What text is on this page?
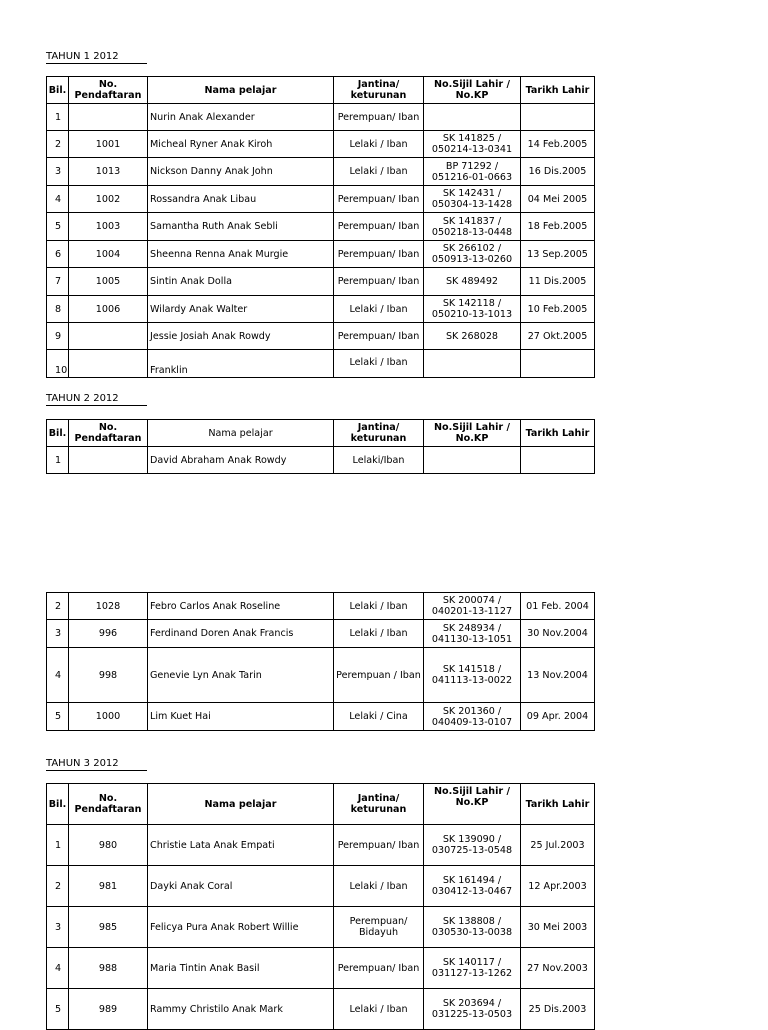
TAHUN 1 2012
Bil.	No. Pendaftaran	Nama pelajar	Jantina/ keturunan	No.Sijil Lahir / No.KP	Tarikh Lahir
1		Nurin Anak Alexander	Perempuan/ Iban		
2	1001	Micheal Ryner Anak Kiroh	Lelaki / Iban	SK 141825 / 050214-13-0341	14 Feb.2005
3	1013	Nickson Danny Anak John	Lelaki / Iban	BP 71292 / 051216-01-0663	16 Dis.2005
4	1002	Rossandra Anak Libau	Perempuan/ Iban	SK 142431 / 050304-13-1428	04 Mei 2005
5	1003	Samantha Ruth Anak Sebli	Perempuan/ Iban	SK 141837 / 050218-13-0448	18 Feb.2005
6	1004	Sheenna Renna Anak Murgie	Perempuan/ Iban	SK 266102 / 050913-13-0260	13 Sep.2005
7	1005	Sintin Anak Dolla	Perempuan/ Iban	SK 489492	11 Dis.2005
8	1006	Wilardy Anak Walter	Lelaki / Iban	SK 142118 / 050210-13-1013	10 Feb.2005
9		Jessie Josiah Anak Rowdy	Perempuan/ Iban	SK 268028	27 Okt.2005
10		Franklin	Lelaki / Iban		
TAHUN 2 2012
Bil.	No. Pendaftaran	Nama pelajar	Jantina/ keturunan	No.Sijil Lahir / No.KP	Tarikh Lahir
1		David Abraham Anak Rowdy	Lelaki/Iban		
2	1028	Febro Carlos Anak Roseline	Lelaki / Iban	SK 200074 / 040201-13-1127	01 Feb. 2004
3	996	Ferdinand Doren Anak Francis	Lelaki / Iban	SK 248934 / 041130-13-1051	30 Nov.2004
4	998	Genevie Lyn Anak Tarin	Perempuan / Iban	SK 141518 / 041113-13-0022	13 Nov.2004
5	1000	Lim Kuet Hai	Lelaki / Cina	SK 201360 / 040409-13-0107	09 Apr. 2004
TAHUN 3 2012
Bil.	No. Pendaftaran	Nama pelajar	Jantina/ keturunan	No.Sijil Lahir / No.KP	Tarikh Lahir
1	980	Christie Lata Anak Empati	Perempuan/ Iban	SK 139090 / 030725-13-0548	25 Jul.2003
2	981	Dayki Anak Coral	Lelaki / Iban	SK 161494 / 030412-13-0467	12 Apr.2003
3	985	Felicya Pura Anak Robert Willie	Perempuan/ Bidayuh	SK 138808 / 030530-13-0038	30 Mei 2003
4	988	Maria Tintin Anak Basil	Perempuan/ Iban	SK 140117 / 031127-13-1262	27 Nov.2003
5	989	Rammy Christilo Anak Mark	Lelaki / Iban	SK 203694 / 031225-13-0503	25 Dis.2003
